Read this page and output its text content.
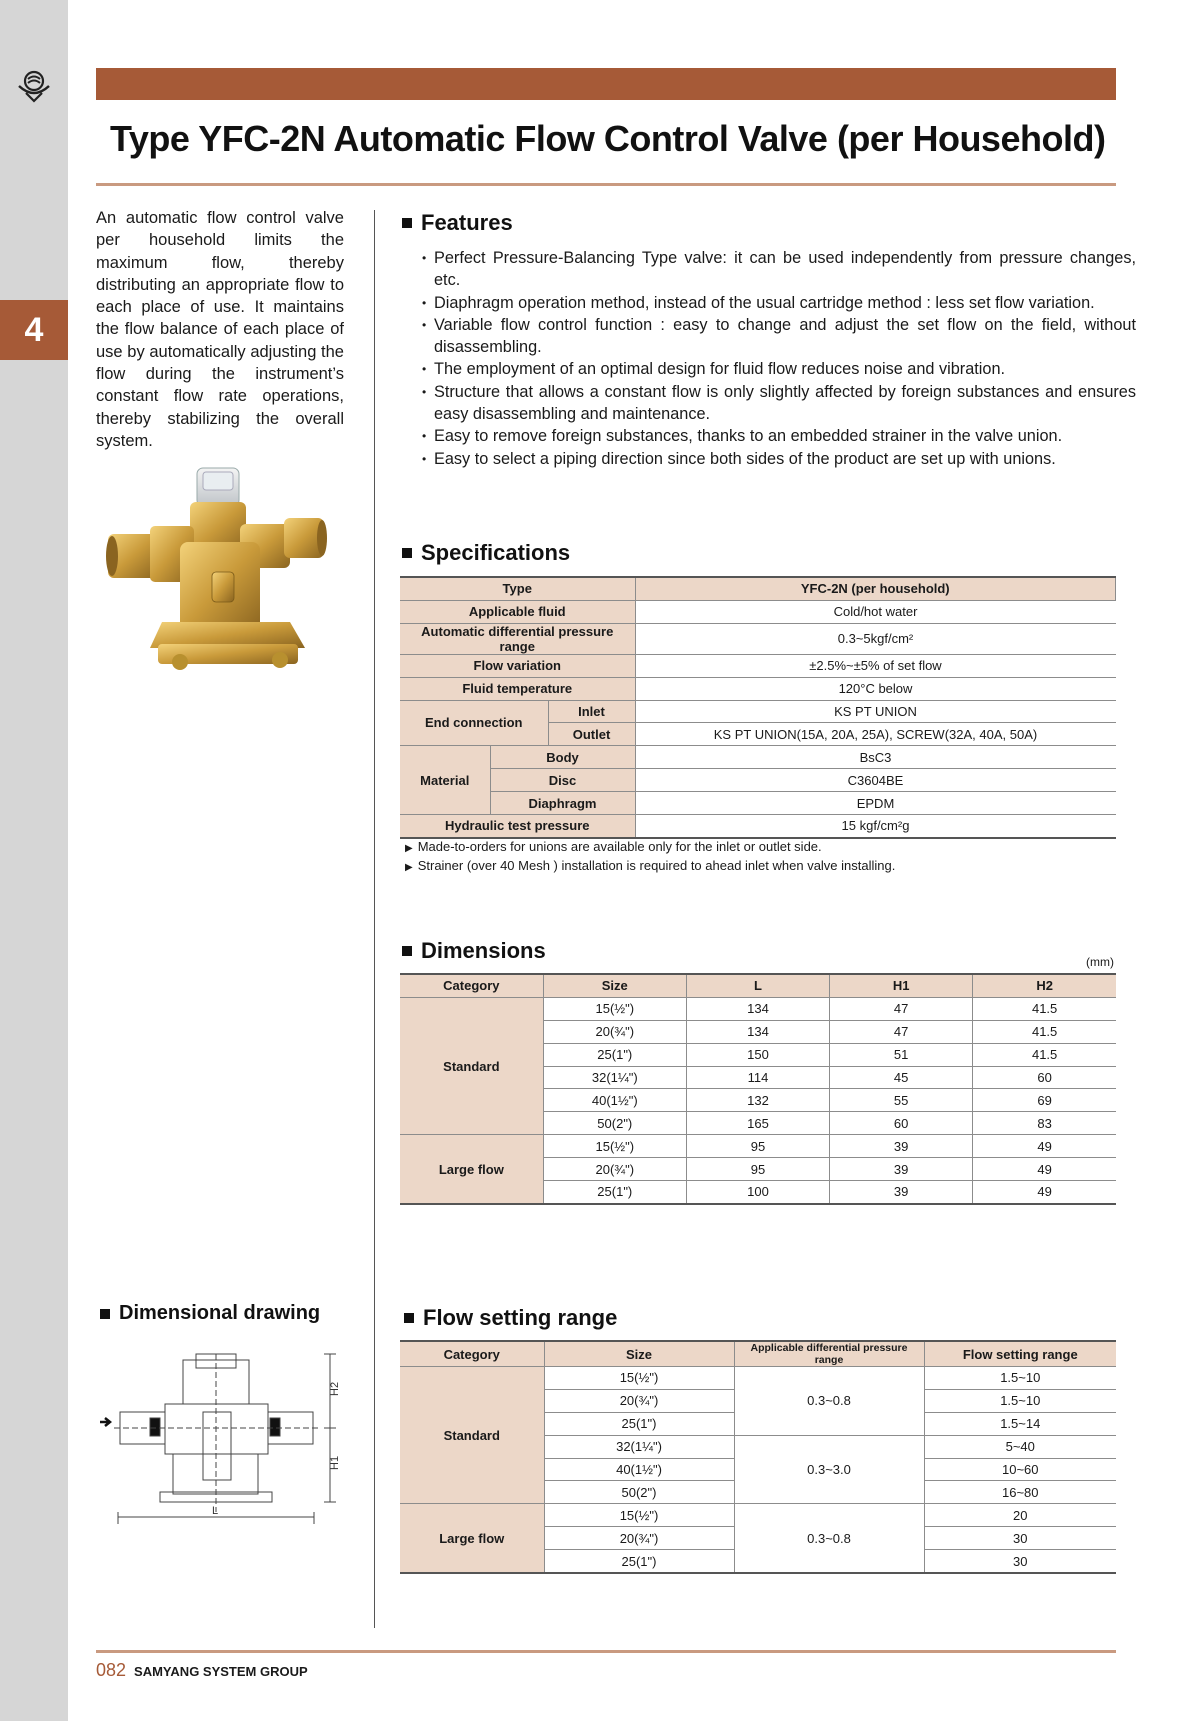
4
Type YFC-2N Automatic Flow Control Valve (per Household)

An automatic flow control valve per household limits the maximum flow, thereby distributing an appropriate flow to each place of use. It maintains the flow balance of each place of use by automatically adjusting the flow during the instrument’s constant flow rate operations, thereby stabilizing the overall system.

Features
• Perfect Pressure-Balancing Type valve: it can be used independently from pressure changes, etc.
• Diaphragm operation method, instead of the usual cartridge method : less set flow variation.
• Variable flow control function : easy to change and adjust the set flow on the field, without disassembling.
• The employment of an optimal design for fluid flow reduces noise and vibration.
• Structure that allows a constant flow is only slightly affected by foreign substances and ensures easy disassembling and maintenance.
• Easy to remove foreign substances, thanks to an embedded strainer in the valve union.
• Easy to select a piping direction since both sides of the product are set up with unions.
Specifications
Type			YFC-2N (per household)
Applicable fluid			Cold/hot water
Automatic differential pressure range			0.3~5kgf/cm²
Flow variation			±2.5%~±5% of set flow
Fluid temperature			120°C below
End connection		Inlet	KS PT UNION
		Outlet	KS PT UNION(15A, 20A, 25A), SCREW(32A, 40A, 50A)
Material	Body		BsC3
	Disc		C3604BE
	Diaphragm		EPDM
Hydraulic test pressure			15 kgf/cm²g
▶ Made-to-orders for unions are available only for the inlet or outlet side.
▶ Strainer (over 40 Mesh ) installation is required to ahead inlet when valve installing.
Dimensions	(mm)
Category	Size	L	H1	H2
Standard	15(½")	134	47	41.5
	20(¾")	134	47	41.5
	25(1")	150	51	41.5
	32(1¼")	114	45	60
	40(1½")	132	55	69
	50(2")	165	60	83
Large flow	15(½")	95	39	49
	20(¾")	95	39	49
	25(1")	100	39	49
Dimensional drawing
L
H2
H1
Flow setting range
Category	Size	Applicable differential pressure range	Flow setting range
Standard	15(½")	0.3~0.8	1.5~10
	20(¾")		1.5~10
	25(1")		1.5~14
	32(1¼")	0.3~3.0	5~40
	40(1½")		10~60
	50(2")		16~80
Large flow	15(½")	0.3~0.8	20
	20(¾")		30
	25(1")		30

082 SAMYANG SYSTEM GROUP
